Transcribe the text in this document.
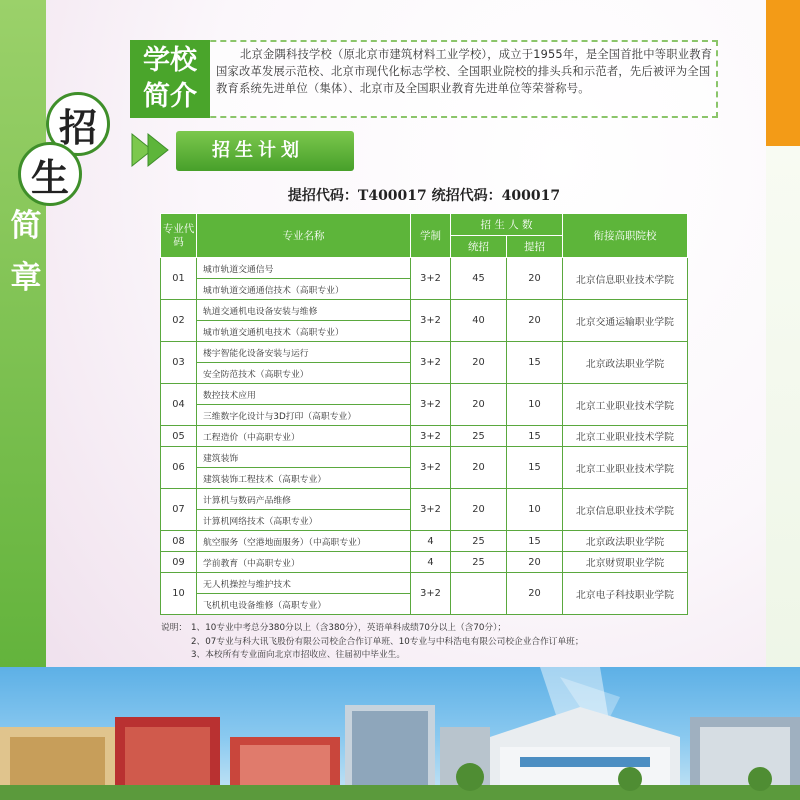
简
章
招
生
学校
简介

北京金隅科技学校（原北京市建筑材料工业学校），成立于1955年，是全国首批中等职业教育国家改革发展示范校、北京市现代化标志学校、全国职业院校的排头兵和示范者，先后被评为全国教育系统先进单位（集体）、北京市及全国职业教育先进单位等荣誉称号。

招生计划
提招代码：T400017 统招代码：400017
专业代码	专业名称	学制	招 生 人 数		衔接高职院校
			统招	提招	
01	城市轨道交通信号	3+2	45	20	北京信息职业技术学院
	城市轨道交通通信技术（高职专业）				
02	轨道交通机电设备安装与维修	3+2	40	20	北京交通运输职业学院
	城市轨道交通机电技术（高职专业）				
03	楼宇智能化设备安装与运行	3+2	20	15	北京政法职业学院
	安全防范技术（高职专业）				
04	数控技术应用	3+2	20	10	北京工业职业技术学院
	三维数字化设计与3D打印（高职专业）				
05	工程造价（中高职专业）	3+2	25	15	北京工业职业技术学院
06	建筑装饰	3+2	20	15	北京工业职业技术学院
	建筑装饰工程技术（高职专业）				
07	计算机与数码产品维修	3+2	20	10	北京信息职业技术学院
	计算机网络技术（高职专业）				
08	航空服务（空港地面服务）（中高职专业）	4	25	15	北京政法职业学院
09	学前教育（中高职专业）	4	25	20	北京财贸职业学院
10	无人机操控与维护技术	3+2		20	北京电子科技职业学院
	飞机机电设备维修（高职专业）				
说明： 1、10专业中考总分380分以上（含380分），英语单科成绩70分以上（含70分）；
2、07专业与科大讯飞股份有限公司校企合作订单班、10专业与中科浩电有限公司校企业合作订单班；
3、本校所有专业面向北京市招收应、往届初中毕业生。
